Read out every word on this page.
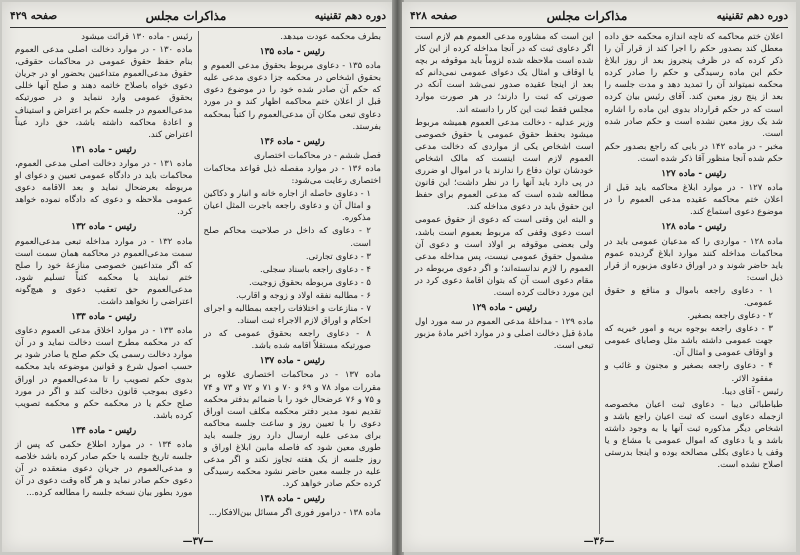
دوره دهم تقنینیه
مذاکرات مجلس
صفحه ۴۲۹

بطرف محکمه عودت میدهد.

رئیس - ماده ۱۳۵

ماده ۱۳۵ - دعاوی مربوط بحقوق مدعی العموم و بحقوق اشخاص در محکمه جزا دعوی مدعی علیه که حکم آن صادر شده خود را در موضوع دعوی قبل از اعلان ختم محاکمه اظهار کند و در مورد دعاوی تبعی مکان آن مدعی‌العموم را کتباً بمحکمه بفرستد.

رئیس - ماده ۱۳۶

فصل ششم - در محاکمات اختصاری

ماده ۱۳۶ - در موارد مفصله ذیل قواعد محاکمات اختصاری رعایت می‌شود:

۱ - دعاوی حاصله از اجاره خانه و انبار و دکاکین و امثال آن و دعاوی راجعه باجرت المثل اعیان مذکوره.

۲ - دعاوی که داخل در صلاحیت محاکم صلح است.

۳ - دعاوی تجارتی.

۴ - دعاوی راجعه باسناد سجلی.

۵ - دعاوی مربوطه بحقوق زوجیت.

۶ - مطالبه نفقه اولاد و زوجه و اقارب.

۷ - منازعات و اختلافات راجعه بمطالبه و اجرای احکام و اوراق لازم الاجراء ثبت اسناد.

۸ - دعاوی راجعه بحقوق عمومی که در صورتیکه مستقلاً اقامه شده باشد.

رئیس - ماده ۱۳۷

ماده ۱۳۷ - در محاکمات اختصاری علاوه بر مقررات مواد ۷۸ و ۶۹ و ۷۰ و ۷۱ و ۷۲ و ۷۳ و ۷۴ و ۷۵ و ۷۶ عرضحال خود را با ضمائم بدفتر محکمه تقدیم نمود مدیر دفتر محکمه مکلف است اوراق دعوی را با تعیین روز و ساعت جلسه محاکمه برای مدعی علیه ارسال دارد روز جلسه باید طوری معین شود که فاصله مابین ابلاغ اوراق و روز جلسه از یک هفته تجاوز نکند و اگر مدعی علیه در جلسه معین حاضر نشود محکمه رسیدگی کرده حکم صادر خواهد کرد.

رئیس - ماده ۱۳۸

ماده ۱۳۸ - درامور فوری اگر مسائل بین‌الافکار...

رئیس - ماده ۱۳۰ قرائت میشود

ماده ۱۳۰ - در موارد دخالت اصلی مدعی العموم بنام حفظ حقوق عمومی در محاکمات حقوقی، حقوق مدعی‌العموم متداعیین بحضور او در جریان دعوی خواه باصلاح خاتمه دهند و صلح آنها خللی بحقوق عمومی وارد ننماید و در صورتیکه مدعی‌العموم در جلسه حکم بر اعتراض و استیناف و اعادهٔ محاکمه داشته باشد، حق دارد عیناً اعتراض کند.

رئیس - ماده ۱۳۱

ماده ۱۳۱ - در موارد دخالت اصلی مدعی العموم، محاکمات باید در دادگاه عمومی تعیین و دعوای او مربوطه بعرضحال نماید و بعد الاقامه دعوی عمومی ملاحظه و دعوی که دادگاه نموده خواهد کرد.

رئیس - ماده ۱۳۲

ماده ۱۳۲ - در موارد مداخله تبعی مدعی‌العموم سمت مدعی‌العموم در محاکمه همان سمت است که اگر متداعیین خصوصی منازعهٔ خود را صلح ختم نمایند یا محکمه کتباً تسلیم شود، مدعی‌العموم حق تعقیب دعوی و هیچ‌گونه اعتراضی را نخواهد داشت.

رئیس - ماده ۱۳۳

ماده ۱۳۳ - در موارد اخلاق مدعی العموم دعاوی که در محکمه مطرح است دخالت نماید و در آن موارد دخالت رسمی یک حکم صلح یا صادر شود بر حسب اصول شرع و قوانین موضوعه باید محکمه بدوی حکم تصویب را تا مدعی‌العموم در اوراق دعوی بموجب قانون دخالت کند و اگر در مورد صلح حکم یا در محکمه حکم و محکمه تصویب کرده باشد.

رئیس - ماده ۱۳۴

ماده ۱۳۴ - در موارد اطلاع حکمی که پس از جلسه تاریخ جلسه یا حکم صادر کرده باشد خلاصه و مدعی‌العموم در جریان دعوی منعقده در آن دعوی حکم صادر نماید و هر گاه وقت دعوی در آن مورد بطور بیان نسخه جلسه را مطالعه کرده...

—۳۷—
دوره دهم تقنینیه
مذاکرات مجلس
صفحه ۴۲۸

اعلان ختم محاکمه که تاچه اندازه محکمه حق داده معطل کند بصدور حکم را اجرا کند از قرار آن را ذکر کرده که در ظرف پنجروز بعد از روز ابلاغ حکم این ماده رسیدگی و حکم را صادر کرده محکمه نمیتواند آن را تمدید دهد و مدت جلسه را بعد از پنج روز معین کند. آقای رئیس بیان کرده است که در حکم قرارداد بدوی این ماده را اشاره شد یک روز معین نشده است و حکم صادر شده است.

مخبر - در ماده ۱۴۲ در بابی که راجع بصدور حکم حکم شده آنجا منظور آقا ذکر شده است.

رئیس - ماده ۱۲۷

ماده ۱۲۷ - در موارد ابلاغ محاکمه باید قبل از اعلان ختم محاکمه عقیده مدعی العموم را در موضوع دعوی استماع کند.

رئیس - ماده ۱۲۸

ماده ۱۲۸ - مواردی را که مدعیان عمومی باید در محاکمات مداخله کنند موارد ابلاغ گردیده عموم باید حاضر شوند و در اوراق دعاوی مزبوره از قرار ذیل است:

۱ - دعاوی راجعه باموال و منافع و حقوق عمومی.

۲ - دعاوی راجعه بصغیر.

۳ - دعاوی راجعه بوجوه بریه و امور خیریه که جهت عمومی داشته باشد مثل وصایای عمومی و اوقاف عمومی و امثال آن.

۴ - دعاوی راجعه بصغیر و مجنون و غائب و مفقود الاثر.

رئیس - آقای دیبا.

طباطبائی دیبا - دعاوی ثبت اعیان مخصوصه ازجمله دعاوی است که ثبت اعیان راجع باشد و اشخاص دیگر مذکوره ثبت آنها یا به وجود داشته باشد و یا دعاوی که اموال عمومی یا مشاع و یا وقف یا دعاوی بکلی مصالحه بوده و اینجا بدرستی اصلاح نشده است.

این است که مشاوره مدعی العموم هم لازم است اگر دعاوی ثبت که در آنجا مداخله کرده از این کار شده است ملاحظه شده لزوماً باید موقوفه بر بچه یا اوقاف و امثال یک دعوای عمومی نمی‌دانم که بعد از اینجا عقیده صدور نمی‌شد است آنکه در صورتی که ثبت را دارند؛ در هر صورت موارد مجلس فقط ثبت این کار را دانسته اند.

وزیر عدلیه - دخالت مدعی العموم همیشه مربوط میشود بحفظ حقوق عمومی یا حقوق خصوصی است اشخاص یکی از مواردی که دخالت مدعی العموم لازم است اینست که مالک اشخاص خودشان توان دفاع را ندارند یا در اموال او ضرری در پی دارد باید آنها را در نظر داشت؛ این قانون مطالعه شده است که مدعی العموم برای حفظ این حقوق باید در دعوی مداخله کند.

و البته این وقتی است که دعوی از حقوق عمومی است دعوی وقفی که مربوط بعموم است باشد، ولی بعضی موقوفه بر اولاد است و دعوی آن مشمول حقوق عمومی نیست، پس مداخله مدعی العموم را لازم ندانسته‌اند؛ و اگر دعوی مربوطه در مقام دعوی است آن که بتوان اقامهٔ دعوی کرد در این مورد دخالت کرده است.

رئیس - ماده ۱۲۹

ماده ۱۲۹ - مداخلهٔ مدعی العموم در سه مورد اول مادهٔ قبل دخالت اصلی و در موارد اخیر مادهٔ مزبور تبعی است.

—۳۶—
